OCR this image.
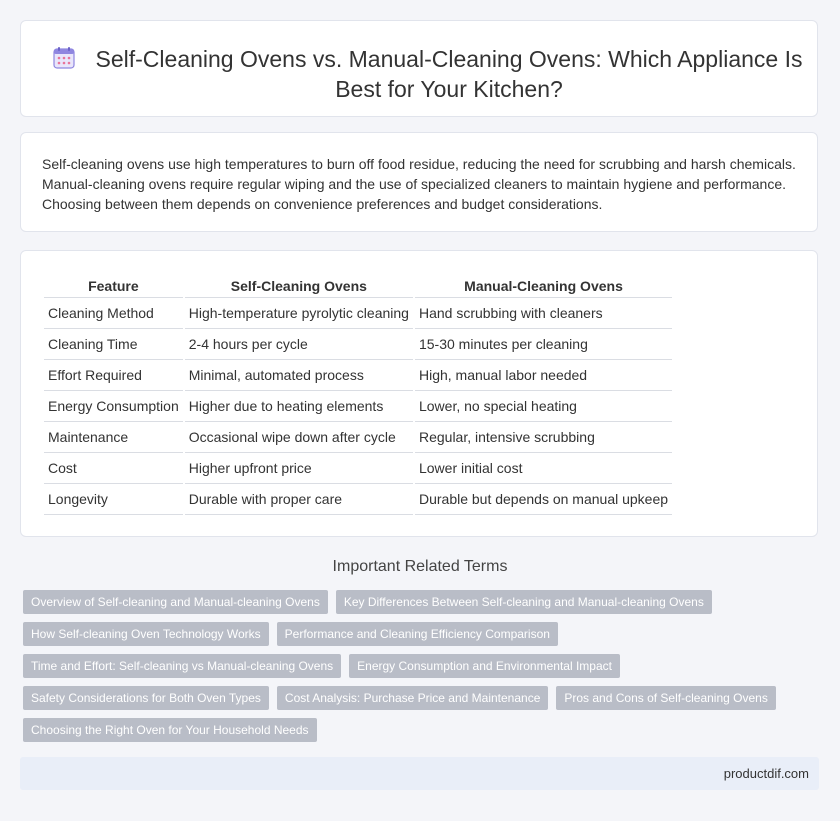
Self-Cleaning Ovens vs. Manual-Cleaning Ovens: Which Appliance Is Best for Your Kitchen?

Self-cleaning ovens use high temperatures to burn off food residue, reducing the need for scrubbing and harsh chemicals. Manual-cleaning ovens require regular wiping and the use of specialized cleaners to maintain hygiene and performance. Choosing between them depends on convenience preferences and budget considerations.

Feature	Self-Cleaning Ovens	Manual-Cleaning Ovens
Cleaning Method	High-temperature pyrolytic cleaning	Hand scrubbing with cleaners
Cleaning Time	2-4 hours per cycle	15-30 minutes per cleaning
Effort Required	Minimal, automated process	High, manual labor needed
Energy Consumption	Higher due to heating elements	Lower, no special heating
Maintenance	Occasional wipe down after cycle	Regular, intensive scrubbing
Cost	Higher upfront price	Lower initial cost
Longevity	Durable with proper care	Durable but depends on manual upkeep
Important Related Terms
Overview of Self-cleaning and Manual-cleaning Ovens	Key Differences Between Self-cleaning and Manual-cleaning Ovens
How Self-cleaning Oven Technology Works	Performance and Cleaning Efficiency Comparison
Time and Effort: Self-cleaning vs Manual-cleaning Ovens	Energy Consumption and Environmental Impact
Safety Considerations for Both Oven Types	Cost Analysis: Purchase Price and Maintenance	Pros and Cons of Self-cleaning Ovens
Choosing the Right Oven for Your Household Needs
productdif.com
